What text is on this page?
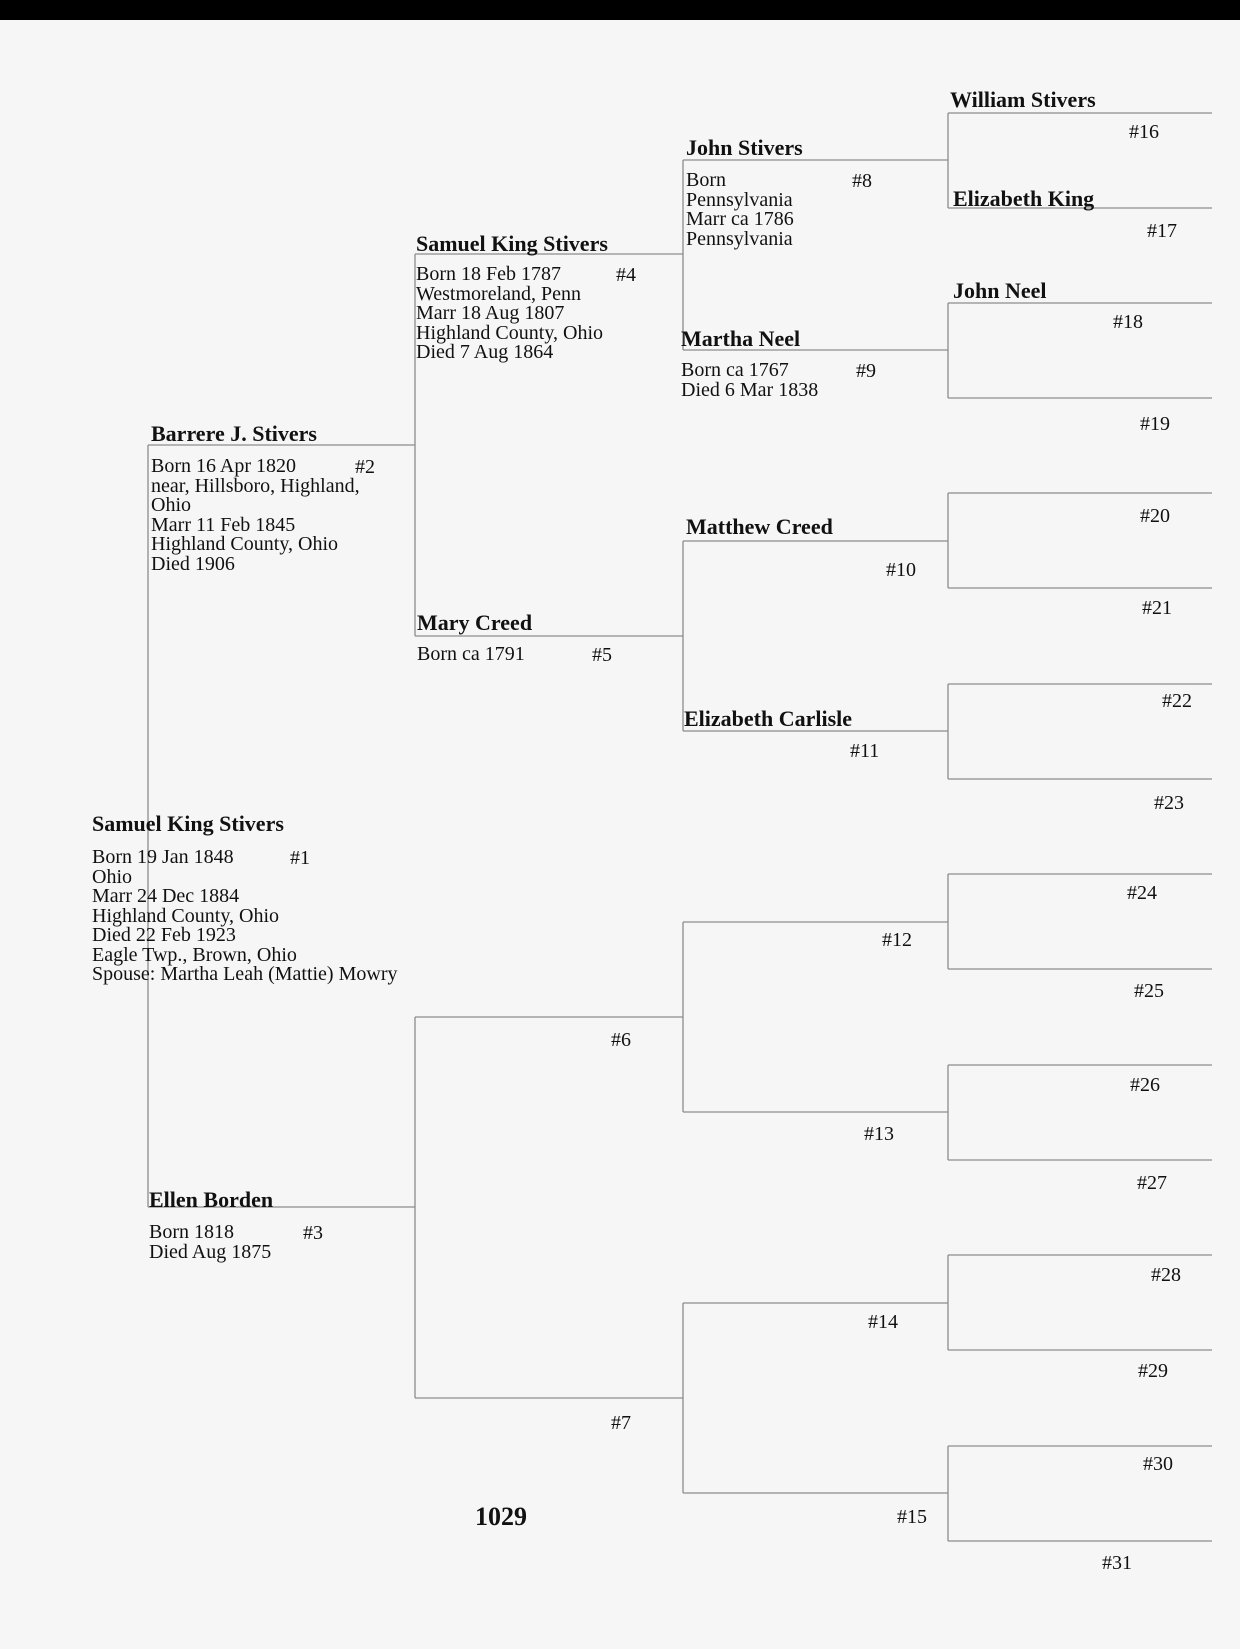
Samuel King Stivers
Born 19 Jan 1848
Ohio
Marr 24 Dec 1884
Highland County, Ohio
Died 22 Feb 1923
Eagle Twp., Brown, Ohio
Spouse: Martha Leah (Mattie) Mowry
#1
Barrere J. Stivers
Born 16 Apr 1820
near, Hillsboro, Highland,
Ohio
Marr 11 Feb 1845
Highland County, Ohio
Died 1906
#2
Ellen Borden
Born 1818
Died Aug 1875
#3
Samuel King Stivers
Born 18 Feb 1787
Westmoreland, Penn
Marr 18 Aug 1807
Highland County, Ohio
Died 7 Aug 1864
#4
Mary Creed
Born ca 1791	#5
#6
#7
John Stivers
Born
Pennsylvania
Marr ca 1786
Pennsylvania
#8
Martha Neel
Born ca 1767
Died 6 Mar 1838
#9
Matthew Creed
#10
Elizabeth Carlisle
#11
#12
#13
#14
#15
William Stivers
#16
Elizabeth King
#17
John Neel
#18
#19
#20
#21
#22
#23
#24
#25
#26
#27
#28
#29
#30
#31
1029
